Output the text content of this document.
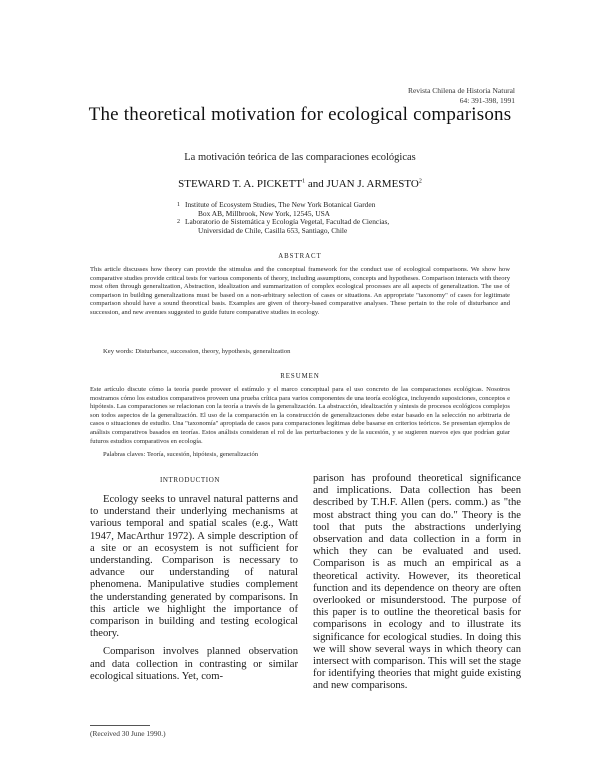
Revista Chilena de Historia Natural
64: 391-398, 1991
The theoretical motivation for ecological comparisons
La motivación teórica de las comparaciones ecológicas
STEWARD T. A. PICKETT$^1$ and JUAN J. ARMESTO$^2$
1 Institute of Ecosystem Studies, The New York Botanical Garden
Box AB, Millbrook, New York, 12545, USA
2 Laboratorio de Sistemática y Ecología Vegetal, Facultad de Ciencias,
Universidad de Chile, Casilla 653, Santiago, Chile
ABSTRACT
This article discusses how theory can provide the stimulus and the conceptual framework for the conduct use of ecological comparisons. We show how comparative studies provide critical tests for various components of theory, including assumptions, concepts and hypotheses. Comparison interacts with theory most often through generalization, Abstraction, idealization and summarization of complex ecological processes are all aspects of generalization. The use of comparison in building generalizations must be based on a non-arbitrary selection of cases or situations. An appropriate "taxonomy" of cases for legitimate comparison should have a sound theoretical basis. Examples are given of theory-based comparative analyses. These pertain to the role of disturbance and succession, and new avenues suggested to guide future comparative studies in ecology.
Key words: Disturbance, succession, theory, hypothesis, generalization
RESUMEN
Este artículo discute cómo la teoría puede proveer el estímulo y el marco conceptual para el uso concreto de las comparaciones ecológicas. Nosotros mostramos cómo los estudios comparativos proveen una prueba crítica para varios componentes de una teoría ecológica, incluyendo suposiciones, conceptos e hipótesis. Las comparaciones se relacionan con la teoría a través de la generalización. La abstracción, idealización y síntesis de procesos ecológicos complejos son todos aspectos de la generalización. El uso de la comparación en la construcción de generalizaciones debe estar basado en la selección no arbitraria de casos o situaciones de estudio. Una "taxonomía" apropiada de casos para comparaciones legítimas debe basarse en criterios teóricos. Se presentan ejemplos de análisis comparativos basados en teorías. Estos análisis consideran el rol de las perturbaciones y de la sucesión, y se sugieren nuevos ejes que podrían guiar futuros estudios comparativos en ecología.
Palabras claves: Teoría, sucesión, hipótesis, generalización
INTRODUCTION

Ecology seeks to unravel natural patterns and to understand their underlying mechanisms at various temporal and spatial scales (e.g., Watt 1947, MacArthur 1972). A simple description of a site or an ecosystem is not sufficient for understanding. Comparison is necessary to advance our understanding of natural phenomena. Manipulative studies complement the understanding generated by comparisons. In this article we highlight the importance of comparison in building and testing ecological theory.

Comparison involves planned observation and data collection in contrasting or similar ecological situations. Yet, com-

parison has profound theoretical significance and implications. Data collection has been described by T.H.F. Allen (pers. comm.) as "the most abstract thing you can do." Theory is the tool that puts the abstractions underlying observation and data collection in a form in which they can be evaluated and used. Comparison is as much an empirical as a theoretical activity. However, its theoretical function and its dependence on theory are often overlooked or misunderstood. The purpose of this paper is to outline the theoretical basis for comparisons in ecology and to illustrate its significance for ecological studies. In doing this we will show several ways in which theory can intersect with comparison. This will set the stage for identifying theories that might guide existing and new comparisons.

(Received 30 June 1990.)
